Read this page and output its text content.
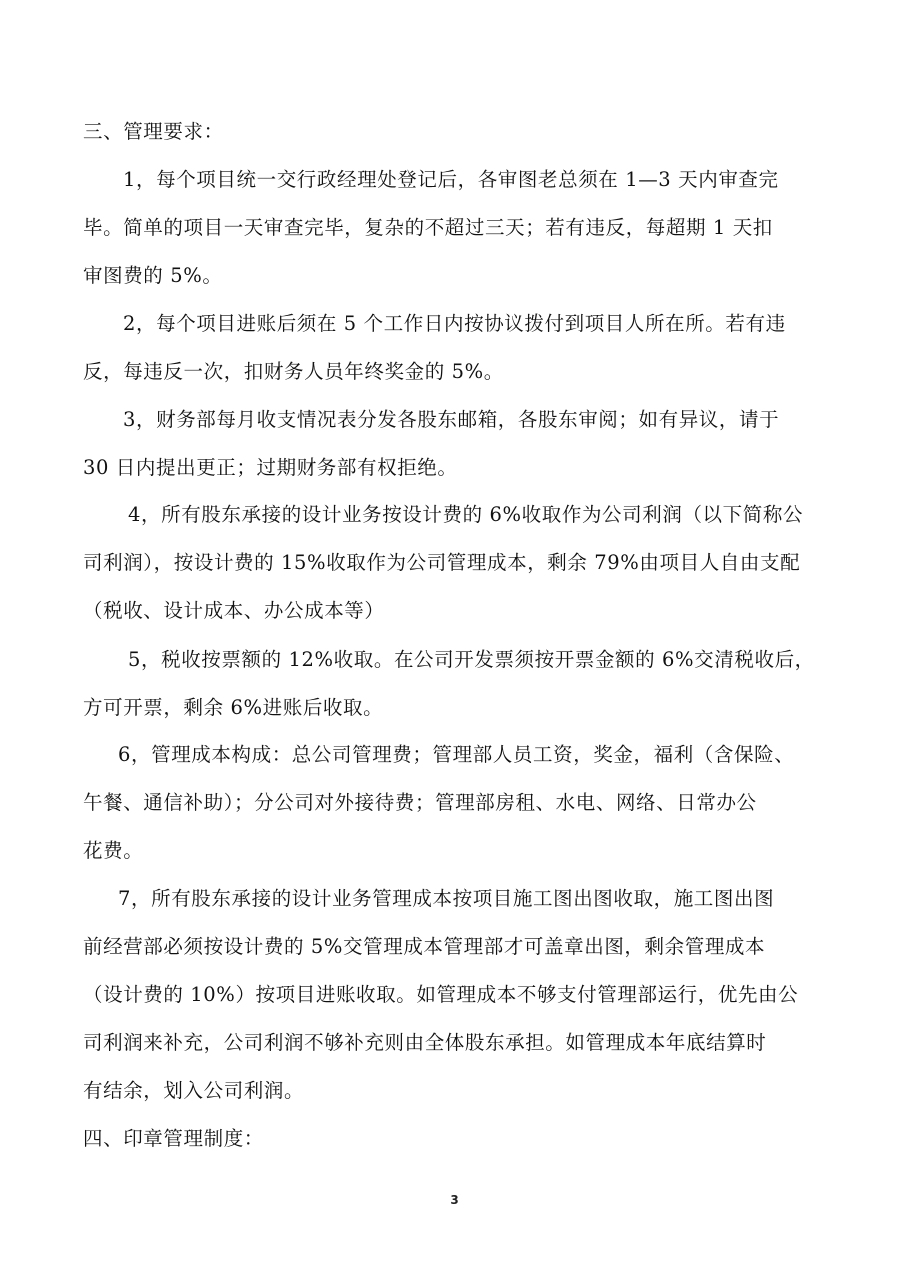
三、管理要求：
1，每个项目统一交行政经理处登记后，各审图老总须在 1—3 天内审查完
毕。简单的项目一天审查完毕，复杂的不超过三天；若有违反，每超期 1 天扣
审图费的 5%。
2，每个项目进账后须在 5 个工作日内按协议拨付到项目人所在所。若有违
反，每违反一次，扣财务人员年终奖金的 5%。
3，财务部每月收支情况表分发各股东邮箱，各股东审阅；如有异议，请于
30 日内提出更正；过期财务部有权拒绝。
4，所有股东承接的设计业务按设计费的 6%收取作为公司利润（以下简称公
司利润），按设计费的 15%收取作为公司管理成本，剩余 79%由项目人自由支配
（税收、设计成本、办公成本等）
5，税收按票额的 12%收取。在公司开发票须按开票金额的 6%交清税收后，
方可开票，剩余 6%进账后收取。
6，管理成本构成：总公司管理费；管理部人员工资，奖金，福利（含保险、
午餐、通信补助）；分公司对外接待费；管理部房租、水电、网络、日常办公
花费。
7，所有股东承接的设计业务管理成本按项目施工图出图收取，施工图出图
前经营部必须按设计费的 5%交管理成本管理部才可盖章出图，剩余管理成本
（设计费的 10%）按项目进账收取。如管理成本不够支付管理部运行，优先由公
司利润来补充，公司利润不够补充则由全体股东承担。如管理成本年底结算时
有结余，划入公司利润。
四、印章管理制度：
3
